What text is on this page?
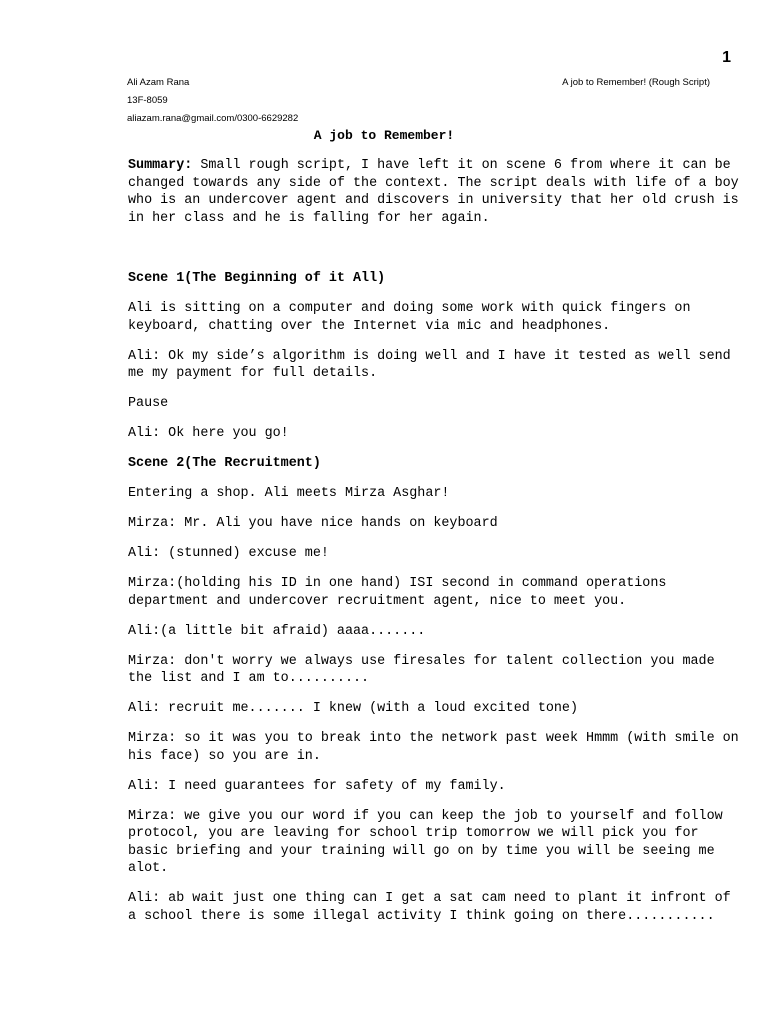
1
Ali Azam Rana
13F-8059
aliazam.rana@gmail.com/0300-6629282
A job to Remember! (Rough Script)
A job to Remember!

Summary: Small rough script, I have left it on scene 6 from where it can be changed towards any side of the context. The script deals with life of a boy who is an undercover agent and discovers in university that her old crush is in her class and he is falling for her again.

Scene 1(The Beginning of it All)

Ali is sitting on a computer and doing some work with quick fingers on keyboard, chatting over the Internet via mic and headphones.

Ali: Ok my side’s algorithm is doing well and I have it tested as well send me my payment for full details.

Pause

Ali: Ok here you go!

Scene 2(The Recruitment)

Entering a shop. Ali meets Mirza Asghar!

Mirza: Mr. Ali you have nice hands on keyboard

Ali: (stunned) excuse me!

Mirza:(holding his ID in one hand) ISI second in command operations department and undercover recruitment agent, nice to meet you.

Ali:(a little bit afraid) aaaa.......

Mirza: don't worry we always use firesales for talent collection you made the list and I am to..........

Ali: recruit me....... I knew (with a loud excited tone)

Mirza: so it was you to break into the network past week Hmmm (with smile on his face) so you are in.

Ali: I need guarantees for safety of my family.

Mirza: we give you our word if you can keep the job to yourself and follow protocol, you are leaving for school trip tomorrow we will pick you for basic briefing and your training will go on by time you will be seeing me alot.

Ali: ab wait just one thing can I get a sat cam need to plant it infront of a school there is some illegal activity I think going on there...........
